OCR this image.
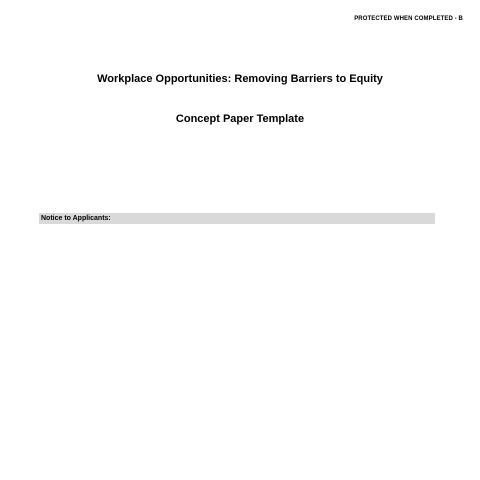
PROTECTED WHEN COMPLETED - B
Workplace Opportunities: Removing Barriers to Equity
Concept Paper Template
Notice to Applicants:
